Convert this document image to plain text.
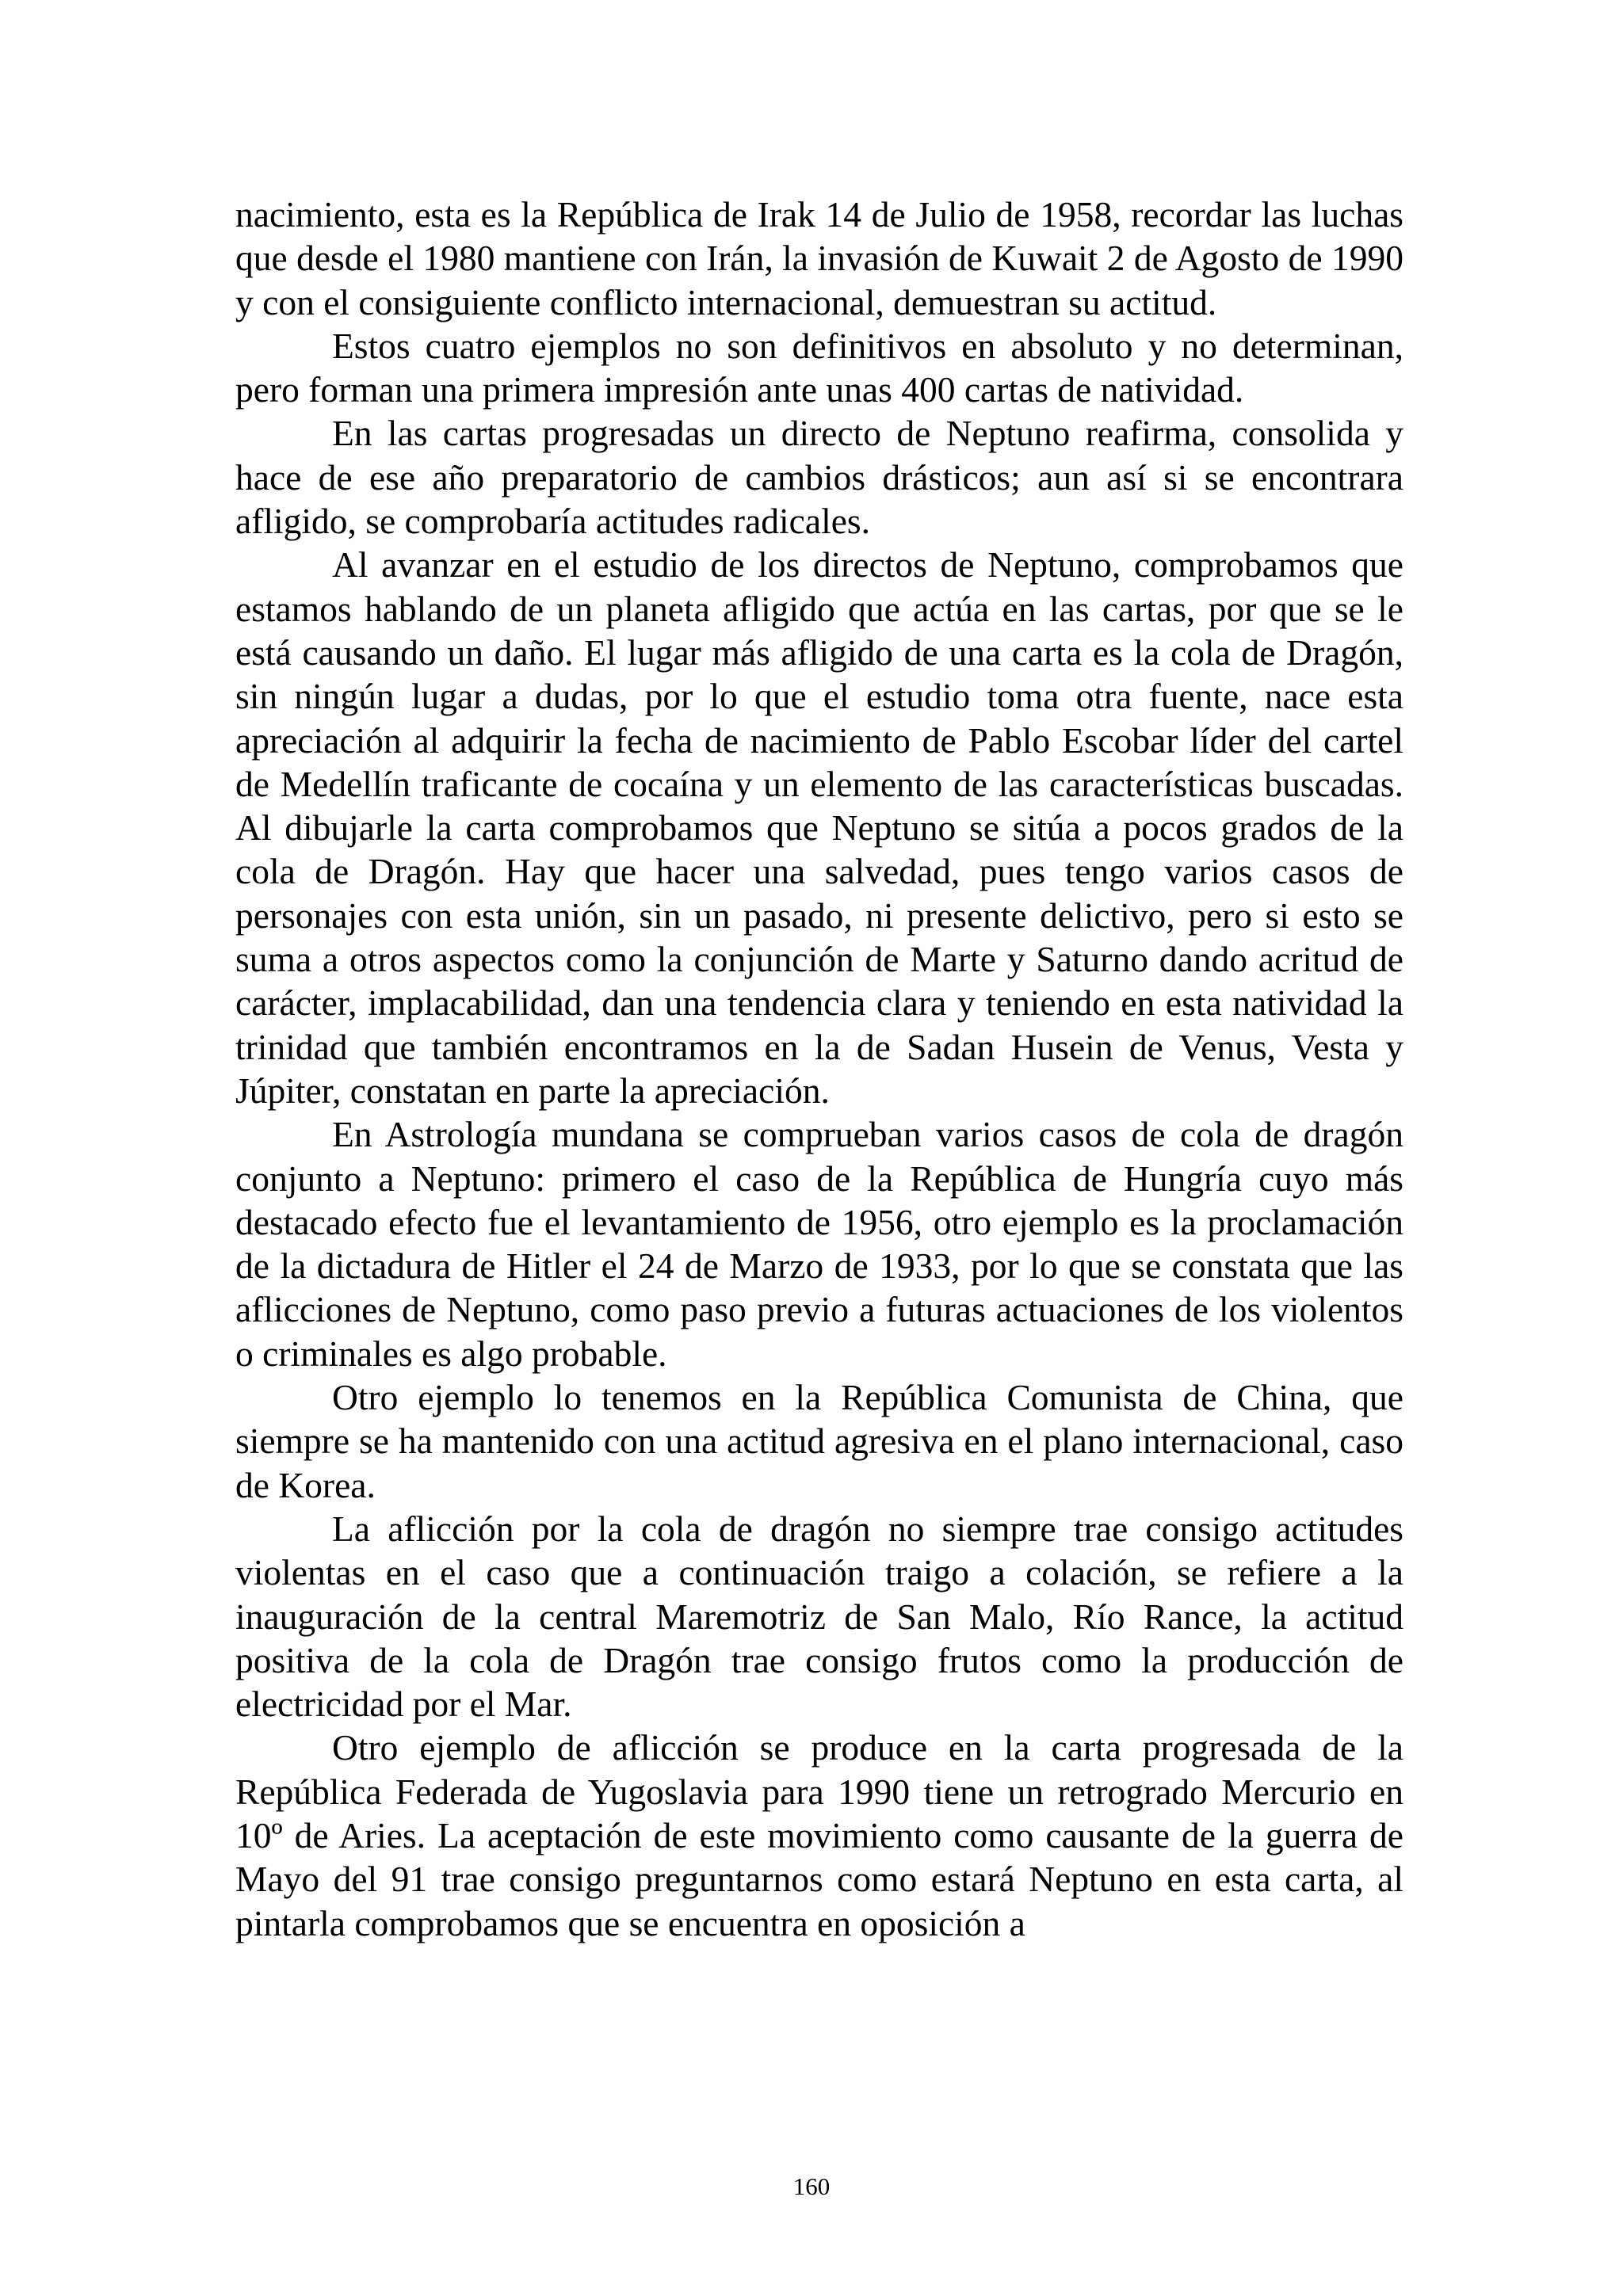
nacimiento, esta es la República de Irak 14 de Julio de 1958, recordar las luchas que desde el 1980 mantiene con Irán, la invasión de Kuwait 2 de Agosto de 1990 y con el consiguiente conflicto internacional, demuestran su actitud.

Estos cuatro ejemplos no son definitivos en absoluto y no determinan, pero forman una primera impresión ante unas 400 cartas de natividad.

En las cartas progresadas un directo de Neptuno reafirma, consolida y hace de ese año preparatorio de cambios drásticos; aun así si se encontrara afligido, se comprobaría actitudes radicales.

Al avanzar en el estudio de los directos de Neptuno, comprobamos que estamos hablando de un planeta afligido que actúa en las cartas, por que se le está causando un daño. El lugar más afligido de una carta es la cola de Dragón, sin ningún lugar a dudas, por lo que el estudio toma otra fuente, nace esta apreciación al adquirir la fecha de nacimiento de Pablo Escobar líder del cartel de Medellín traficante de cocaína y un elemento de las características buscadas. Al dibujarle la carta comprobamos que Neptuno se sitúa a pocos grados de la cola de Dragón. Hay que hacer una salvedad, pues tengo varios casos de personajes con esta unión, sin un pasado, ni presente delictivo, pero si esto se suma a otros aspectos como la conjunción de Marte y Saturno dando acritud de carácter, implacabilidad, dan una tendencia clara y teniendo en esta natividad la trinidad que también encontramos en la de Sadan Husein de Venus, Vesta y Júpiter, constatan en parte la apreciación.

En Astrología mundana se comprueban varios casos de cola de dragón conjunto a Neptuno: primero el caso de la República de Hungría cuyo más destacado efecto fue el levantamiento de 1956, otro ejemplo es la proclamación de la dictadura de Hitler el 24 de Marzo de 1933, por lo que se constata que las aflicciones de Neptuno, como paso previo a futuras actuaciones de los violentos o criminales es algo probable.

Otro ejemplo lo tenemos en la República Comunista de China, que siempre se ha mantenido con una actitud agresiva en el plano internacional, caso de Korea.

La aflicción por la cola de dragón no siempre trae consigo actitudes violentas en el caso que a continuación traigo a colación, se refiere a la inauguración de la central Maremotriz de San Malo, Río Rance, la actitud positiva de la cola de Dragón trae consigo frutos como la producción de electricidad por el Mar.

Otro ejemplo de aflicción se produce en la carta progresada de la República Federada de Yugoslavia para 1990 tiene un retrogrado Mercurio en 10º de Aries. La aceptación de este movimiento como causante de la guerra de Mayo del 91 trae consigo preguntarnos como estará Neptuno en esta carta, al pintarla comprobamos que se encuentra en oposición a

160
